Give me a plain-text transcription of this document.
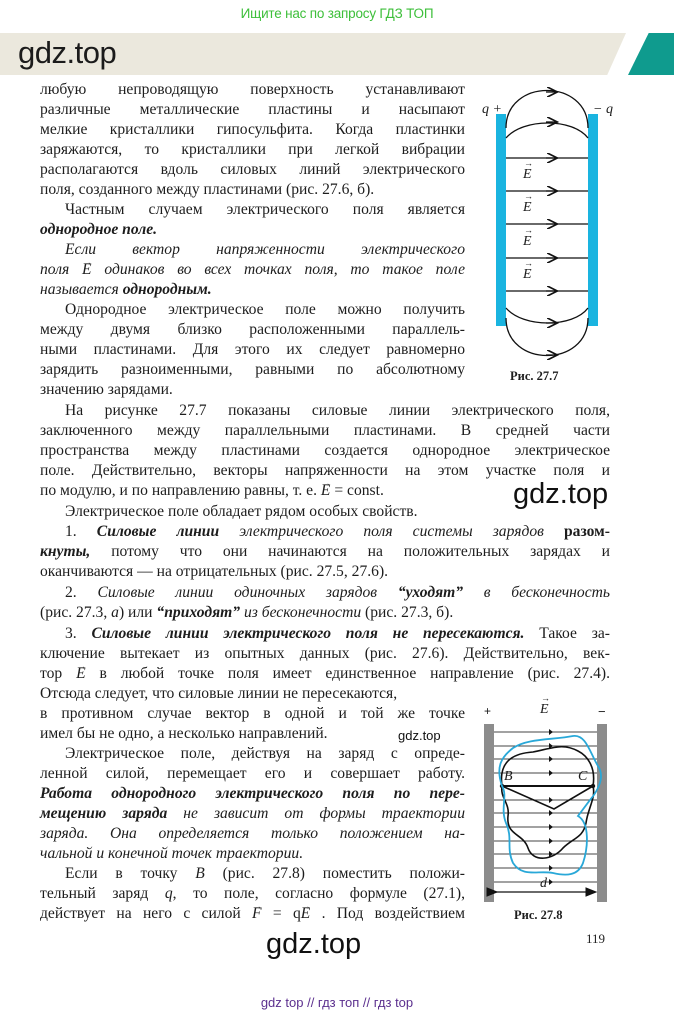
Ищите нас по запросу ГДЗ ТОП
gdz.top
любую непроводящую поверхность устанавливают
различные металлические пластины и насыпают
мелкие кристаллики гипосульфита. Когда пластинки
заряжаются, то кристаллики при легкой вибрации
располагаются вдоль силовых линий электрического
поля, созданного между пластинами (рис. 27.6, б).
Частным случаем электрического поля является
однородное поле.
Если вектор напряженности электрического
поля → E одинаков во всех точках поля, то такое поле
называется однородным.
Однородное электрическое поле можно получить
между двумя близко расположенными параллель-
ными пластинами. Для этого их следует равномерно
зарядить разноименными, равными по абсолютному
значению зарядами.
На рисунке 27.7 показаны силовые линии электрического поля,
заключенного между параллельными пластинами. В средней части
пространства между пластинами создается однородное электрическое
поле. Действительно, векторы напряженности на этом участке поля и
по модулю, и по направлению равны, т. е. → E = const.	gdz.top
Электрическое поле обладает рядом особых свойств.
1. Силовые линии электрического поля системы зарядов разом-
кнуты, потому что они начинаются на положительных зарядах и
оканчиваются — на отрицательных (рис. 27.5, 27.6).
2. Силовые линии одиночных зарядов “уходят” в бесконечность
(рис. 27.3, а) или “приходят” из бесконечности (рис. 27.3, б).
3. Силовые линии электрического поля не пересекаются. Такое за-
ключение вытекает из опытных данных (рис. 27.6). Действительно, век-
тор → E в любой точке поля имеет единственное направление (рис. 27.4).
Отсюда следует, что силовые линии не пересекаются,
в противном случае вектор в одной и той же точке
имел бы не одно, а несколько направлений.	gdz.top
Электрическое поле, действуя на заряд с опреде-
ленной силой, перемещает его и совершает работу.
Работа однородного электрического поля по пере-
мещению заряда не зависит от формы траектории
заряда. Она определяется только положением на-
чальной и конечной точек траектории.
Если в точку B (рис. 27.8) поместить положи-
тельный заряд q, то поле, согласно формуле (27.1),
действует на него с силой → F = q→ E . Под воздействием
q +	− q
→ E
→ E
→ E
→ E
Рис. 27.7
+	−
→ E
B	C
d
Рис. 27.8
gdz.top	119
gdz top // гдз топ // гдз top
